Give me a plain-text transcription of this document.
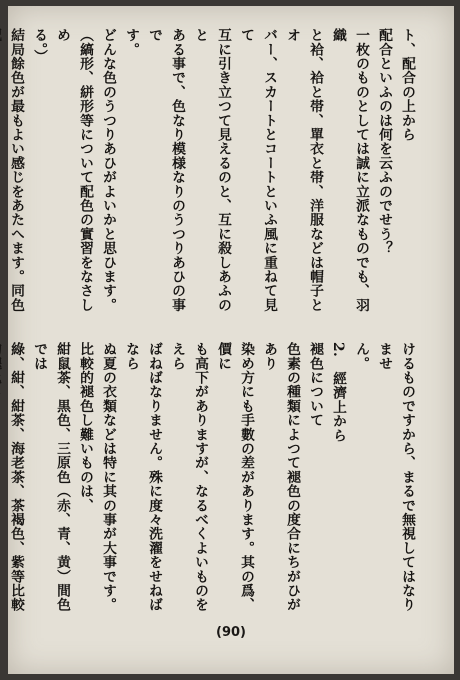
ト、配合の上から
配合といふのは何を云ふのでせう？
一枚のものとしては誠に立派なものでも、羽織
と袷、袷と帯、單衣と帯、洋服などは帽子とオ
バー、スカートとコートといふ風に重ねて見て
互に引き立つて見えるのと、互に殺しあふのと
ある事で、色なり模様なりのうつりあひの事で
す。
どんな色のうつりあひがよいかと思ひます。
（縞形、絣形等について配色の實習をなさしめ
る。）
結局餘色が最もよい感じをあたへます。同色
けるものですから、まるで無視してはなりませ
ん。
2.　經濟上から
褪色について
色素の種類によつて褪色の度合にちがひがあり
染め方にも手數の差があります。其の爲、價に
も高下がありますが、なるべくよいものをえら
ばねばなりません。殊に度々洗濯をせねばなら
ぬ夏の衣類などは特に其の事が大事です。
比較的褪色し難いものは、
紺鼠茶、黒色、三原色（赤、青、黄）間色では
綠、紺、紺茶、海老茶、茶褐色、紫等比較
(90)
